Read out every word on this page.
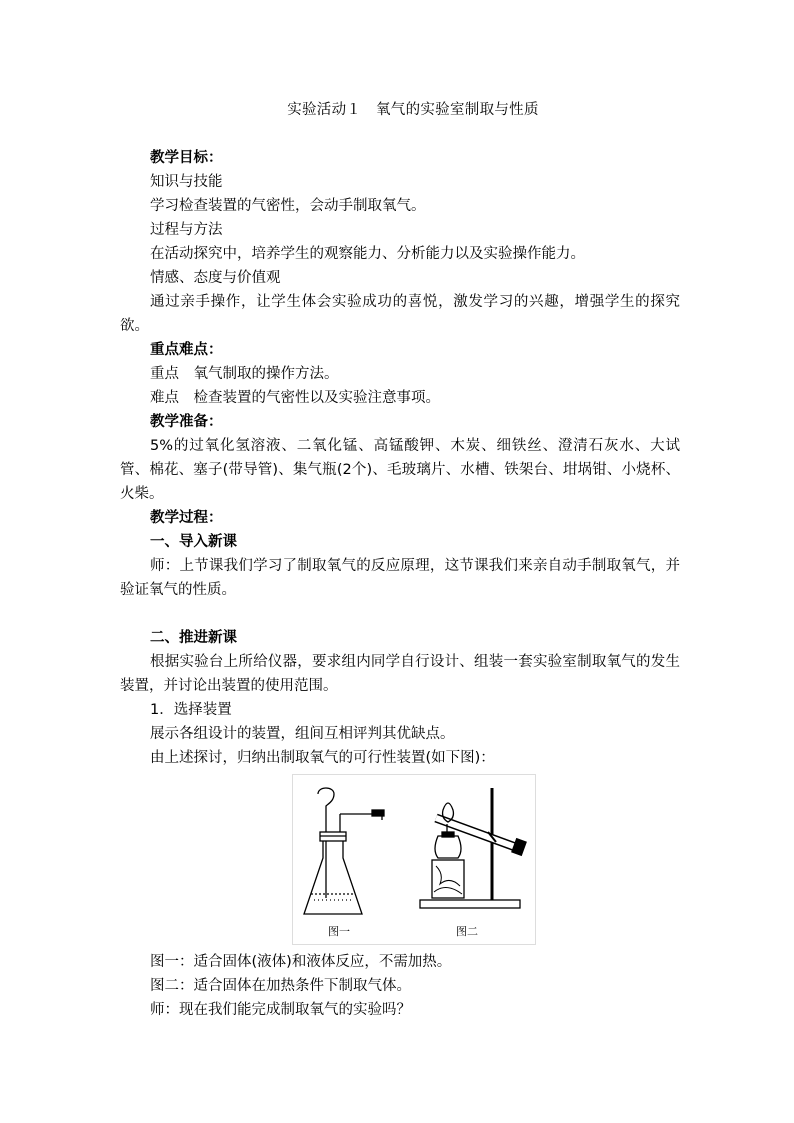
实验活动１　氧气的实验室制取与性质

教学目标：

知识与技能

学习检查装置的气密性，会动手制取氧气。

过程与方法

在活动探究中，培养学生的观察能力、分析能力以及实验操作能力。

情感、态度与价值观

通过亲手操作，让学生体会实验成功的喜悦，激发学习的兴趣，增强学生的探究欲。

重点难点：

重点　氧气制取的操作方法。

难点　检查装置的气密性以及实验注意事项。

教学准备：

5%的过氧化氢溶液、二氧化锰、高锰酸钾、木炭、细铁丝、澄清石灰水、大试管、棉花、塞子(带导管)、集气瓶(2个)、毛玻璃片、水槽、铁架台、坩埚钳、小烧杯、火柴。

教学过程：

一、导入新课

师：上节课我们学习了制取氧气的反应原理，这节课我们来亲自动手制取氧气，并验证氧气的性质。

二、推进新课

根据实验台上所给仪器，要求组内同学自行设计、组装一套实验室制取氧气的发生装置，并讨论出装置的使用范围。

1．选择装置

展示各组设计的装置，组间互相评判其优缺点。

由上述探讨，归纳出制取氧气的可行性装置(如下图)：

图一	图二

图一：适合固体(液体)和液体反应，不需加热。

图二：适合固体在加热条件下制取气体。

师：现在我们能完成制取氧气的实验吗？
